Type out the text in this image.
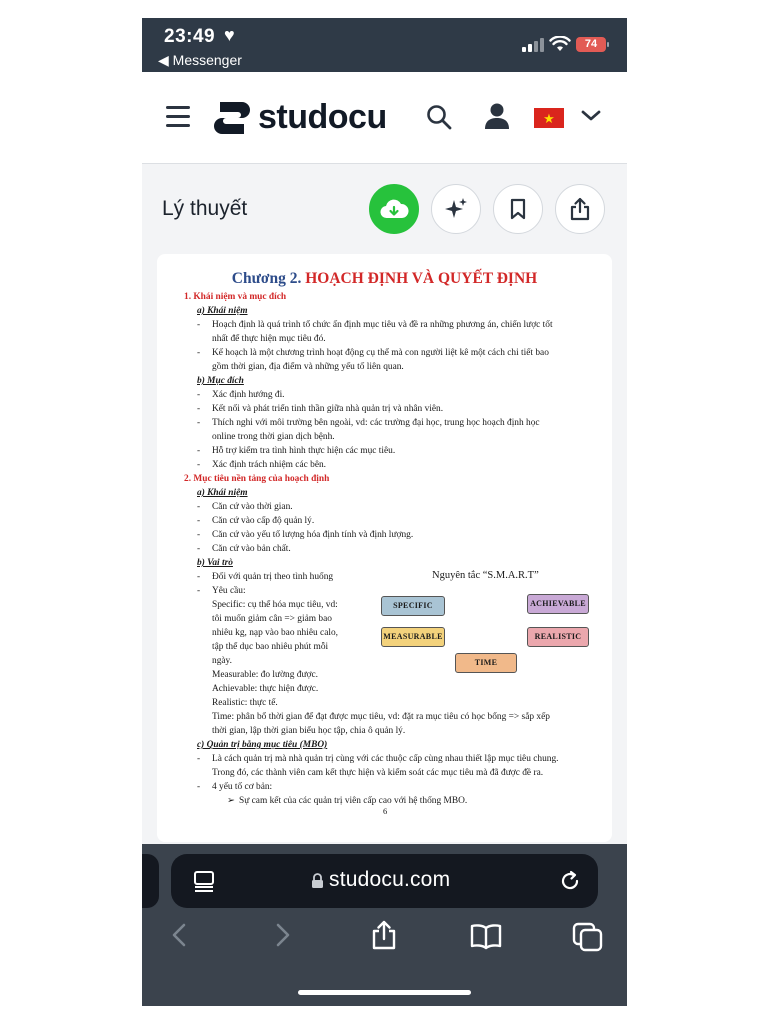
23:49 ♥
◀ Messenger
74
studocu	★
Lý thuyết
Chương 2. HOẠCH ĐỊNH VÀ QUYẾT ĐỊNH
1. Khái niệm và mục đích
a) Khái niệm
- Hoạch định là quá trình tổ chức ấn định mục tiêu và đề ra những phương án, chiến lược tốt
nhất để thực hiện mục tiêu đó.
- Kế hoạch là một chương trình hoạt động cụ thể mà con người liệt kê một cách chi tiết bao
gồm thời gian, địa điểm và những yếu tố liên quan.
b) Mục đích
- Xác định hướng đi.
- Kết nối và phát triển tinh thần giữa nhà quản trị và nhân viên.
- Thích nghi với môi trường bên ngoài, vd: các trường đại học, trung học hoạch định học
online trong thời gian dịch bệnh.
- Hỗ trợ kiểm tra tình hình thực hiện các mục tiêu.
- Xác định trách nhiệm các bên.
2. Mục tiêu nền tảng của hoạch định
a) Khái niệm
- Căn cứ vào thời gian.
- Căn cứ vào cấp độ quản lý.
- Căn cứ vào yếu tố lượng hóa định tính và định lượng.
- Căn cứ vào bản chất.
b) Vai trò
- Đối với quản trị theo tình huống
- Yêu cầu:
Specific: cụ thể hóa mục tiêu, vd:
tôi muốn giảm cân => giảm bao
nhiêu kg, nạp vào bao nhiêu calo,
tập thể dục bao nhiêu phút mỗi
ngày.
Measurable: đo lường được.
Achievable: thực hiện được.
Realistic: thực tế.
Time: phân bổ thời gian để đạt được mục tiêu, vd: đặt ra mục tiêu có học bổng => sắp xếp
thời gian, lập thời gian biểu học tập, chia ô quản lý.
c) Quản trị bằng mục tiêu (MBO)
- Là cách quản trị mà nhà quản trị cùng với các thuộc cấp cùng nhau thiết lập mục tiêu chung.
Trong đó, các thành viên cam kết thực hiện và kiểm soát các mục tiêu mà đã được đề ra.
- 4 yếu tố cơ bản:
➢ Sự cam kết của các quản trị viên cấp cao với hệ thống MBO.
Nguyên tắc “S.M.A.R.T”
SPECIFIC	ACHIEVABLE
MEASURABLE	REALISTIC
TIME
6
studocu.com
